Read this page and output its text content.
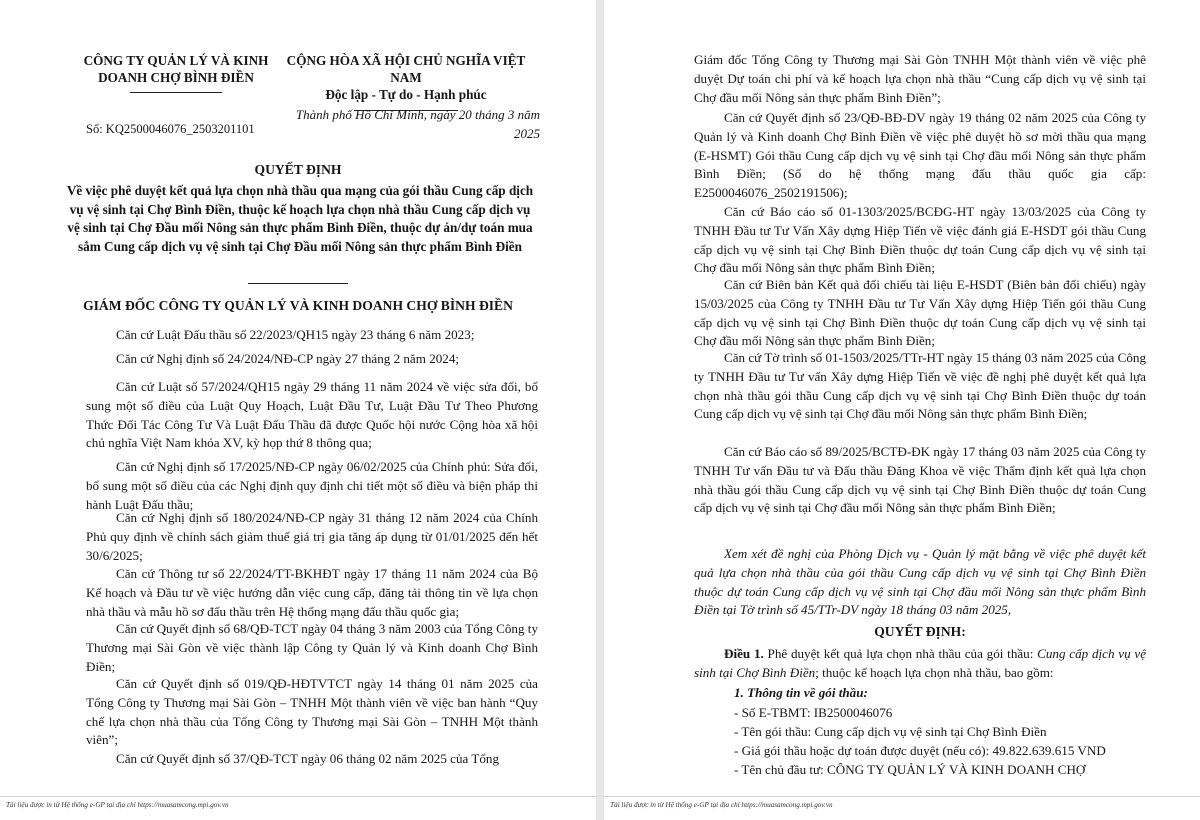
CÔNG TY QUẢN LÝ VÀ KINH DOANH CHỢ BÌNH ĐIỀN
Số: KQ2500046076_2503201101
CỘNG HÒA XÃ HỘI CHỦ NGHĨA VIỆT NAM
Độc lập - Tự do - Hạnh phúc
Thành phố Hồ Chí Minh, ngày 20 tháng 3 năm 2025
QUYẾT ĐỊNH
Về việc phê duyệt kết quả lựa chọn nhà thầu qua mạng của gói thầu Cung cấp dịch vụ vệ sinh tại Chợ Bình Điền, thuộc kế hoạch lựa chọn nhà thầu Cung cấp dịch vụ vệ sinh tại Chợ Đầu mối Nông sản thực phẩm Bình Điền, thuộc dự án/dự toán mua sắm Cung cấp dịch vụ vệ sinh tại Chợ Đầu mối Nông sản thực phẩm Bình Điền
GIÁM ĐỐC CÔNG TY QUẢN LÝ VÀ KINH DOANH CHỢ BÌNH ĐIỀN

Căn cứ Luật Đấu thầu số 22/2023/QH15 ngày 23 tháng 6 năm 2023;

Căn cứ Nghị định số 24/2024/NĐ-CP ngày 27 tháng 2 năm 2024;

Căn cứ Luật số 57/2024/QH15 ngày 29 tháng 11 năm 2024 về việc sửa đổi, bổ sung một số điều của Luật Quy Hoạch, Luật Đầu Tư, Luật Đầu Tư Theo Phương Thức Đối Tác Công Tư Và Luật Đấu Thầu đã được Quốc hội nước Cộng hòa xã hội chủ nghĩa Việt Nam khóa XV, kỳ họp thứ 8 thông qua;

Căn cứ Nghị định số 17/2025/NĐ-CP ngày 06/02/2025 của Chính phủ: Sửa đổi, bổ sung một số điều của các Nghị định quy định chi tiết một số điều và biện pháp thi hành Luật Đấu thầu;

Căn cứ Nghị định số 180/2024/NĐ-CP ngày 31 tháng 12 năm 2024 của Chính Phủ quy định về chính sách giảm thuế giá trị gia tăng áp dụng từ 01/01/2025 đến hết 30/6/2025;

Căn cứ Thông tư số 22/2024/TT-BKHĐT ngày 17 tháng 11 năm 2024 của Bộ Kế hoạch và Đầu tư về việc hướng dẫn việc cung cấp, đăng tải thông tin về lựa chọn nhà thầu và mẫu hồ sơ đấu thầu trên Hệ thống mạng đấu thầu quốc gia;

Căn cứ Quyết định số 68/QĐ-TCT ngày 04 tháng 3 năm 2003 của Tổng Công ty Thương mại Sài Gòn về việc thành lập Công ty Quản lý và Kinh doanh Chợ Bình Điền;

Căn cứ Quyết định số 019/QĐ-HĐTVTCT ngày 14 tháng 01 năm 2025 của Tổng Công ty Thương mại Sài Gòn – TNHH Một thành viên về việc ban hành “Quy chế lựa chọn nhà thầu của Tổng Công ty Thương mại Sài Gòn – TNHH Một thành viên”;

Căn cứ Quyết định số 37/QĐ-TCT ngày 06 tháng 02 năm 2025 của Tổng

Tài liệu được in từ Hệ thống e-GP tại địa chỉ https://muasamcong.mpi.gov.vn

Giám đốc Tổng Công ty Thương mại Sài Gòn TNHH Một thành viên về việc phê duyệt Dự toán chi phí và kế hoạch lựa chọn nhà thầu “Cung cấp dịch vụ vệ sinh tại Chợ đầu mối Nông sản thực phẩm Bình Điền”;

Căn cứ Quyết định số 23/QĐ-BĐ-DV ngày 19 tháng 02 năm 2025 của Công ty Quản lý và Kinh doanh Chợ Bình Điền về việc phê duyệt hồ sơ mời thầu qua mạng (E-HSMT) Gói thầu Cung cấp dịch vụ vệ sinh tại Chợ đầu mối Nông sản thực phẩm Bình Điền; (Số do hệ thống mạng đấu thầu quốc gia cấp: E2500046076_2502191506);

Căn cứ Báo cáo số 01-1303/2025/BCĐG-HT ngày 13/03/2025 của Công ty TNHH Đầu tư Tư Vấn Xây dựng Hiệp Tiến về việc đánh giá E-HSDT gói thầu Cung cấp dịch vụ vệ sinh tại Chợ Bình Điền thuộc dự toán Cung cấp dịch vụ vệ sinh tại Chợ đầu mối Nông sản thực phẩm Bình Điền;

Căn cứ Biên bản Kết quả đối chiếu tài liệu E-HSDT (Biên bản đối chiếu) ngày 15/03/2025 của Công ty TNHH Đầu tư Tư Vấn Xây dựng Hiệp Tiến gói thầu Cung cấp dịch vụ vệ sinh tại Chợ Bình Điền thuộc dự toán Cung cấp dịch vụ vệ sinh tại Chợ đầu mối Nông sản thực phẩm Bình Điền;

Căn cứ Tờ trình số 01-1503/2025/TTr-HT ngày 15 tháng 03 năm 2025 của Công ty TNHH Đầu tư Tư vấn Xây dựng Hiệp Tiến về việc đề nghị phê duyệt kết quả lựa chọn nhà thầu gói thầu Cung cấp dịch vụ vệ sinh tại Chợ Bình Điền thuộc dự toán Cung cấp dịch vụ vệ sinh tại Chợ đầu mối Nông sản thực phẩm Bình Điền;

Căn cứ Báo cáo số 89/2025/BCTĐ-ĐK ngày 17 tháng 03 năm 2025 của Công ty TNHH Tư vấn Đầu tư và Đấu thầu Đăng Khoa về việc Thẩm định kết quả lựa chọn nhà thầu gói thầu Cung cấp dịch vụ vệ sinh tại Chợ Bình Điền thuộc dự toán Cung cấp dịch vụ vệ sinh tại Chợ đầu mối Nông sản thực phẩm Bình Điền;

Xem xét đề nghị của Phòng Dịch vụ - Quản lý mặt bằng về việc phê duyệt kết quả lựa chọn nhà thầu của gói thầu Cung cấp dịch vụ vệ sinh tại Chợ Bình Điền thuộc dự toán Cung cấp dịch vụ vệ sinh tại Chợ đầu mối Nông sản thực phẩm Bình Điền tại Tờ trình số 45/TTr-DV ngày 18 tháng 03 năm 2025,

QUYẾT ĐỊNH:

Điều 1. Phê duyệt kết quả lựa chọn nhà thầu của gói thầu: Cung cấp dịch vụ vệ sinh tại Chợ Bình Điền; thuộc kế hoạch lựa chọn nhà thầu, bao gồm:

1. Thông tin về gói thầu:

- Số E-TBMT: IB2500046076

- Tên gói thầu: Cung cấp dịch vụ vệ sinh tại Chợ Bình Điền

- Giá gói thầu hoặc dự toán được duyệt (nếu có): 49.822.639.615 VND

- Tên chủ đầu tư: CÔNG TY QUẢN LÝ VÀ KINH DOANH CHỢ

Tài liệu được in từ Hệ thống e-GP tại địa chỉ https://muasamcong.mpi.gov.vn
